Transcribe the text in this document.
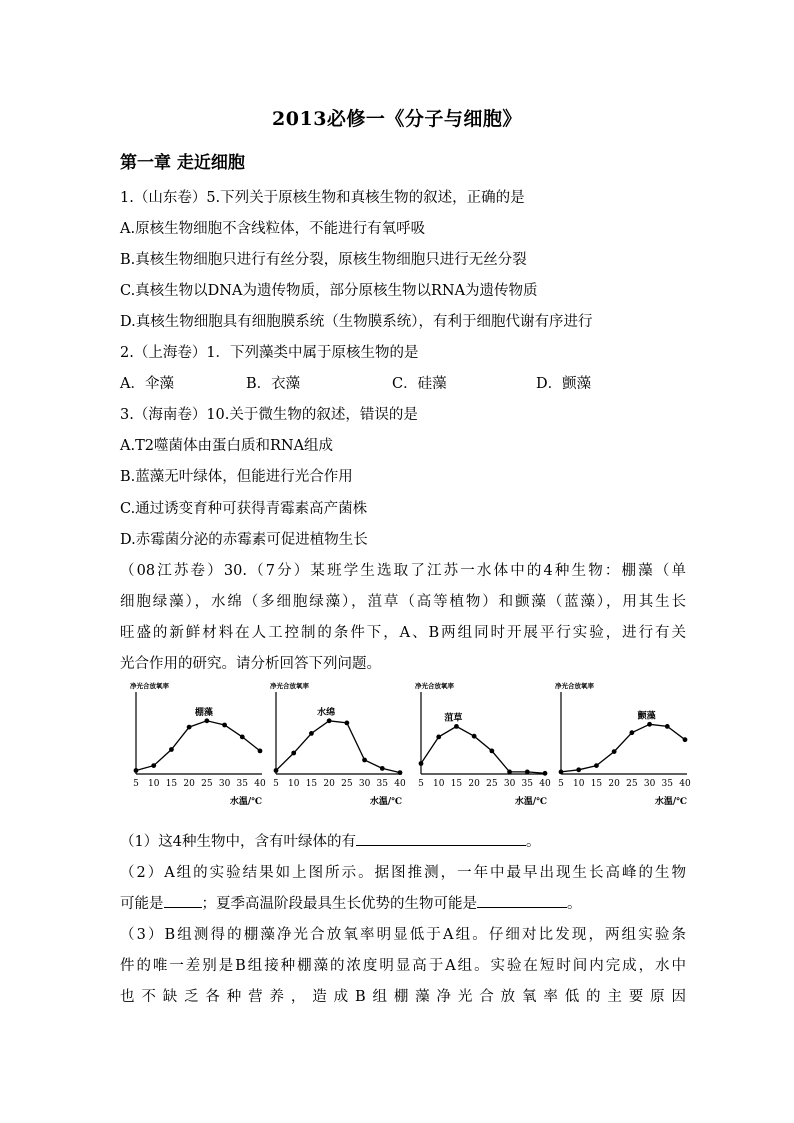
2013必修一《分子与细胞》
第一章 走近细胞
1.（山东卷）5.下列关于原核生物和真核生物的叙述，正确的是
A.原核生物细胞不含线粒体，不能进行有氧呼吸
B.真核生物细胞只进行有丝分裂，原核生物细胞只进行无丝分裂
C.真核生物以DNA为遗传物质，部分原核生物以RNA为遗传物质
D.真核生物细胞具有细胞膜系统（生物膜系统），有利于细胞代谢有序进行
2.（上海卷）1．下列藻类中属于原核生物的是
A．伞藻	B．衣藻	C．硅藻	D．颤藻
3.（海南卷）10.关于微生物的叙述，错误的是
A.T2噬菌体由蛋白质和RNA组成
B.蓝藻无叶绿体，但能进行光合作用
C.通过诱变育种可获得青霉素高产菌株
D.赤霉菌分泌的赤霉素可促进植物生长
（08江苏卷）30.（7分）某班学生选取了江苏一水体中的4种生物：棚藻（单
细胞绿藻），水绵（多细胞绿藻），菹草（高等植物）和颤藻（蓝藻），用其生长
旺盛的新鲜材料在人工控制的条件下，A、B两组同时开展平行实验，进行有关
光合作用的研究。请分析回答下列问题。
净光合放氧率
棚藻
5 10 15 20 25 30 35 40
水温/℃
净光合放氧率
水绵
5 10 15 20 25 30 35 40
水温/℃
净光合放氧率
菹草
5 10 15 20 25 30 35 40
水温/℃
净光合放氧率
颤藻
5 10 15 20 25 30 35 40
水温/℃
（1）这4种生物中，含有叶绿体的有	。
（2）A组的实验结果如上图所示。据图推测，一年中最早出现生长高峰的生物
可能是	；夏季高温阶段最具生长优势的生物可能是	。
（3）B组测得的棚藻净光合放氧率明显低于A组。仔细对比发现，两组实验条
件的唯一差别是B组接种棚藻的浓度明显高于A组。实验在短时间内完成，水中
也不缺乏各种营养，造成B组棚藻净光合放氧率低的主要原因
